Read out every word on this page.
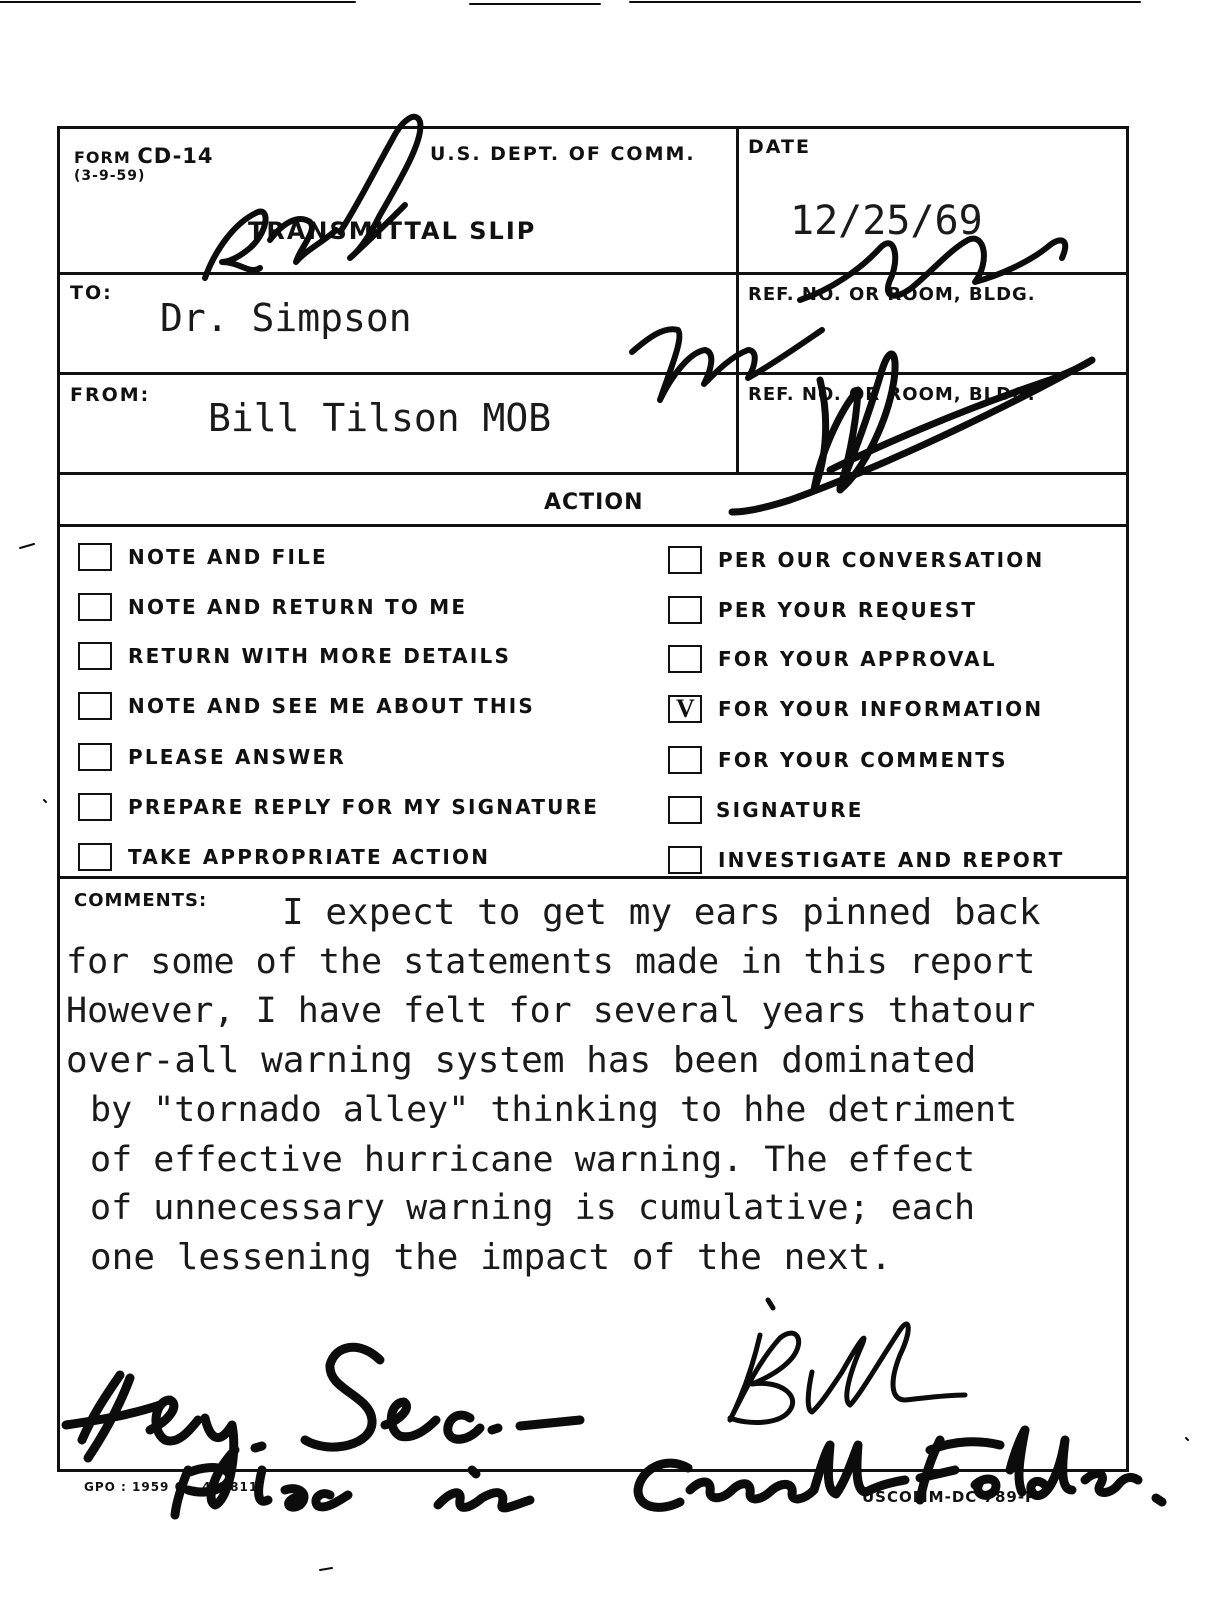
FORM CD-14
(3-9-59)
U.S. DEPT. OF COMM.
TRANSMITTAL SLIP
DATE
12/25/69
TO:
Dr. Simpson
REF. NO. OR ROOM, BLDG.
FROM:
Bill Tilson MOB
REF. NO. OR ROOM, BLDG.
ACTION
NOTE AND FILE
NOTE AND RETURN TO ME
RETURN WITH MORE DETAILS
NOTE AND SEE ME ABOUT THIS
PLEASE ANSWER
PREPARE REPLY FOR MY SIGNATURE
TAKE APPROPRIATE ACTION
PER OUR CONVERSATION
PER YOUR REQUEST
FOR YOUR APPROVAL
V
FOR YOUR INFORMATION
FOR YOUR COMMENTS
SIGNATURE
INVESTIGATE AND REPORT
COMMENTS: I expect to get my ears pinned back
for some of the statements made in this report
However, I have felt for several years thatour
over-all warning system has been dominated
by "tornado alley" thinking to hhe detriment
of effective hurricane warning. The effect
of unnecessary warning is cumulative; each
one lessening the impact of the next.
GPO : 1959 O - 499811
USCOMM-DC 789-P
